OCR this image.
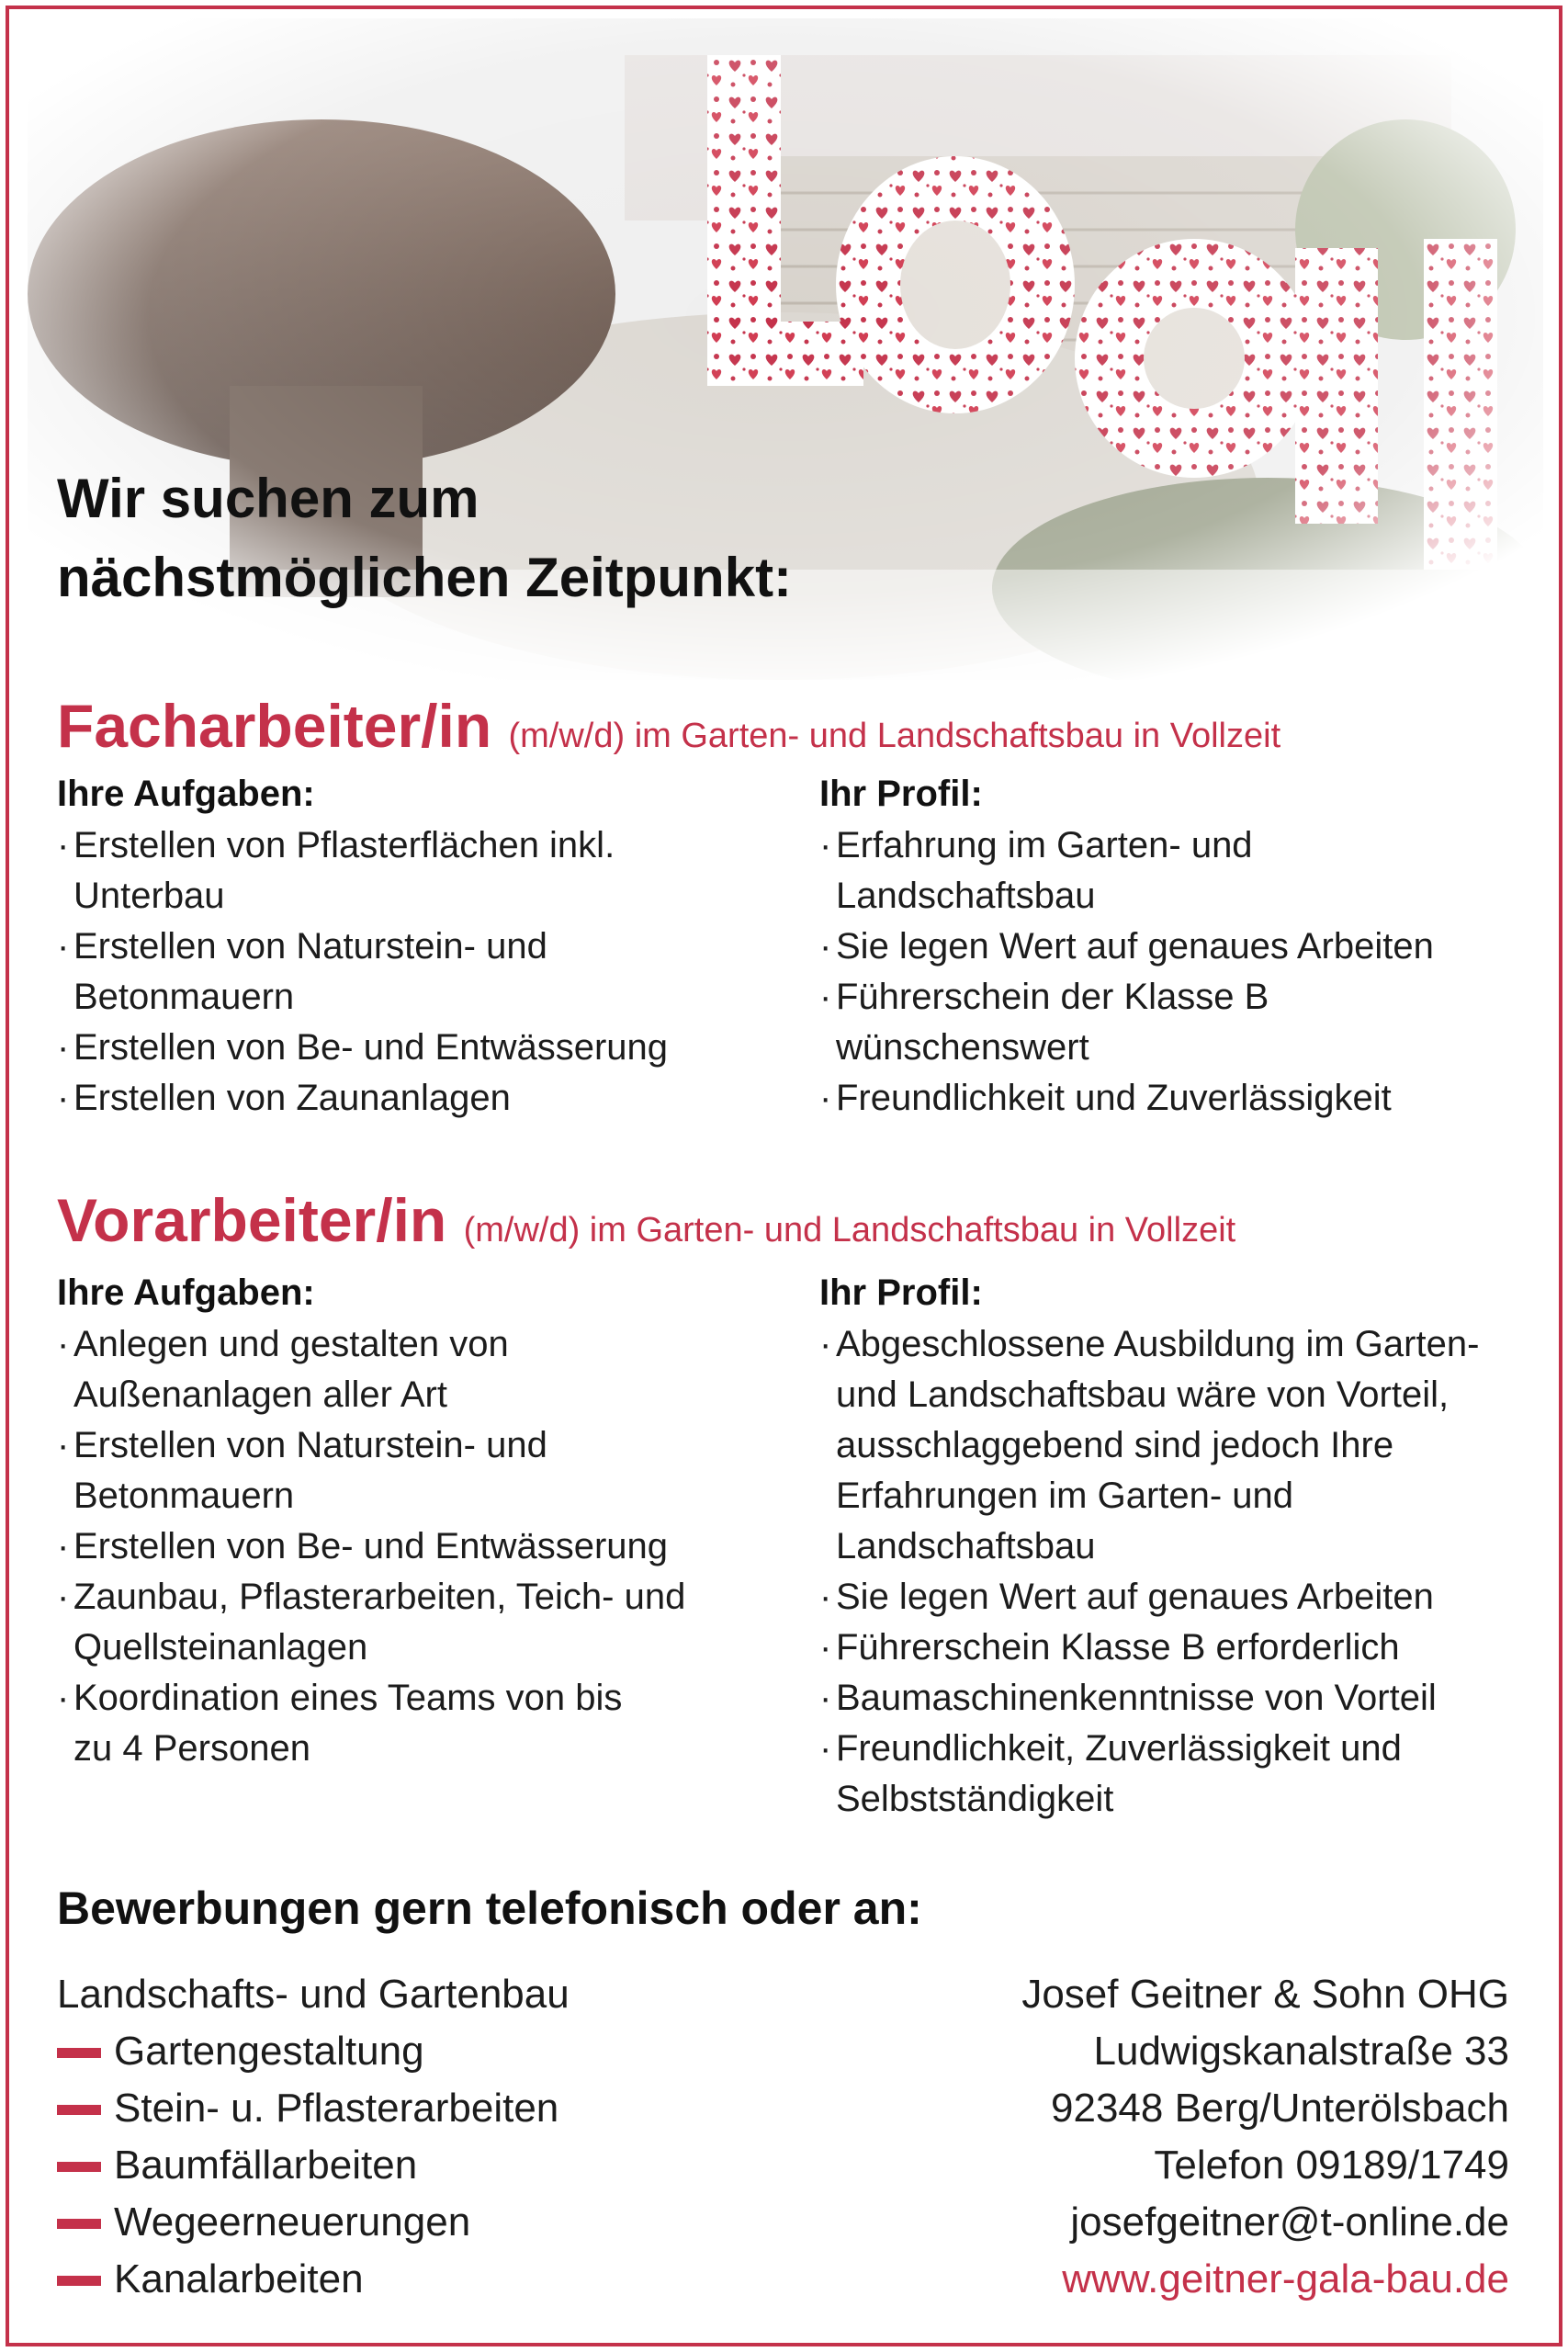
Wir suchen zum
nächstmöglichen Zeitpunkt:
Facharbeiter/in (m/w/d) im Garten- und Landschaftsbau in Vollzeit
Ihre Aufgaben:
· Erstellen von Pflasterflächen inkl. Unterbau
· Erstellen von Naturstein- und Betonmauern
· Erstellen von Be- und Entwässerung
· Erstellen von Zaunanlagen
Ihr Profil:
· Erfahrung im Garten- und Landschaftsbau
· Sie legen Wert auf genaues Arbeiten
· Führerschein der Klasse B wünschenswert
· Freundlichkeit und Zuverlässigkeit
Vorarbeiter/in (m/w/d) im Garten- und Landschaftsbau in Vollzeit
Ihre Aufgaben:
· Anlegen und gestalten von Außenanlagen aller Art
· Erstellen von Naturstein- und Betonmauern
· Erstellen von Be- und Entwässerung
· Zaunbau, Pflasterarbeiten, Teich- und Quellsteinanlagen
· Koordination eines Teams von bis zu 4 Personen
Ihr Profil:
· Abgeschlossene Ausbildung im Garten- und Landschaftsbau wäre von Vorteil, ausschlaggebend sind jedoch Ihre Erfahrungen im Garten- und Landschaftsbau
· Sie legen Wert auf genaues Arbeiten
· Führerschein Klasse B erforderlich
· Baumaschinenkenntnisse von Vorteil
· Freundlichkeit, Zuverlässigkeit und Selbstständigkeit
Bewerbungen gern telefonisch oder an:
Landschafts- und Gartenbau
Gartengestaltung
Stein- u. Pflasterarbeiten
Baumfällarbeiten
Wegeerneuerungen
Kanalarbeiten
Josef Geitner & Sohn OHG
Ludwigskanalstraße 33
92348 Berg/Unterölsbach
Telefon 09189/1749
josefgeitner@t-online.de
www.geitner-gala-bau.de
